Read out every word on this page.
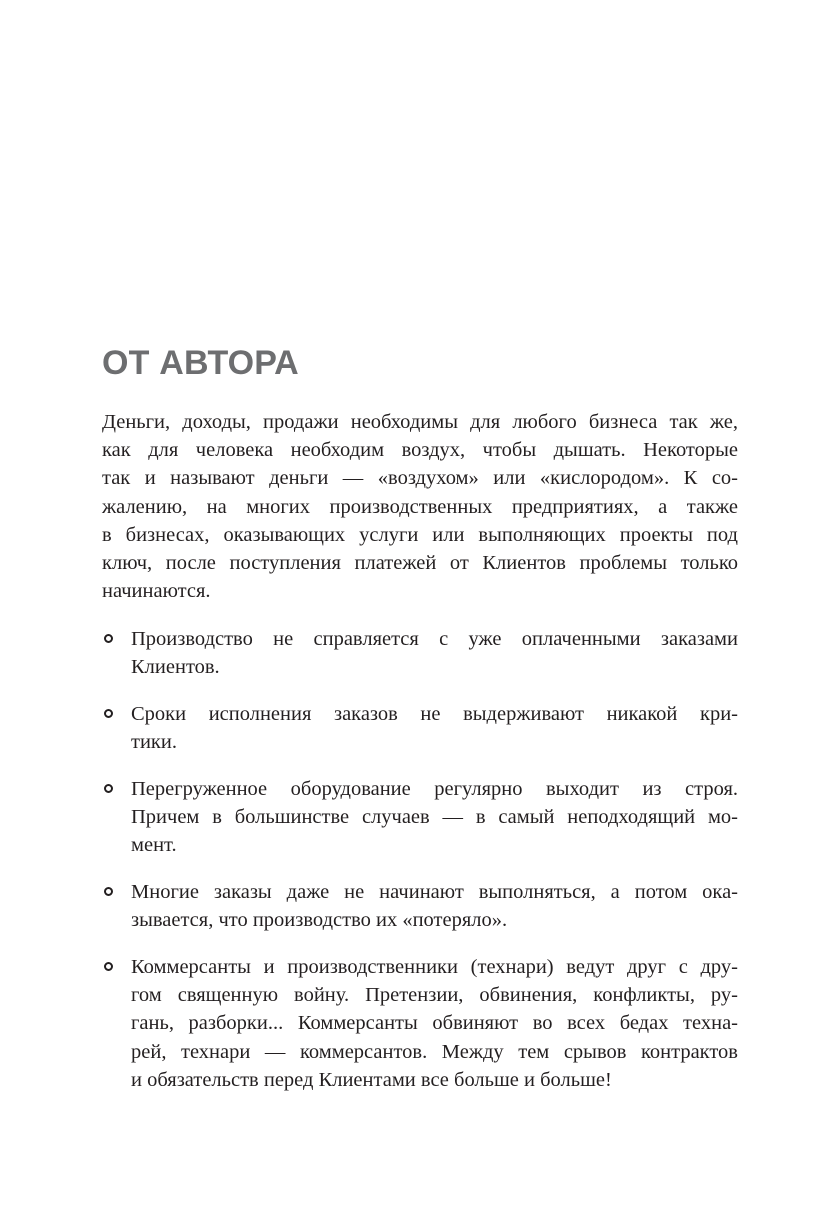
ОТ АВТОРА
Деньги, доходы, продажи необходимы для любого бизнеса так же,
как для человека необходим воздух, чтобы дышать. Некоторые
так и называют деньги — «воздухом» или «кислородом». К со-
жалению, на многих производственных предприятиях, а также
в бизнесах, оказывающих услуги или выполняющих проекты под
ключ, после поступления платежей от Клиентов проблемы только
начинаются.
Производство не справляется с уже оплаченными заказами
Клиентов.
Сроки исполнения заказов не выдерживают никакой кри-
тики.
Перегруженное оборудование регулярно выходит из строя.
Причем в большинстве случаев — в самый неподходящий мо-
мент.
Многие заказы даже не начинают выполняться, а потом ока-
зывается, что производство их «потеряло».
Коммерсанты и производственники (технари) ведут друг с дру-
гом священную войну. Претензии, обвинения, конфликты, ру-
гань, разборки... Коммерсанты обвиняют во всех бедах техна-
рей, технари — коммерсантов. Между тем срывов контрактов
и обязательств перед Клиентами все больше и больше!
